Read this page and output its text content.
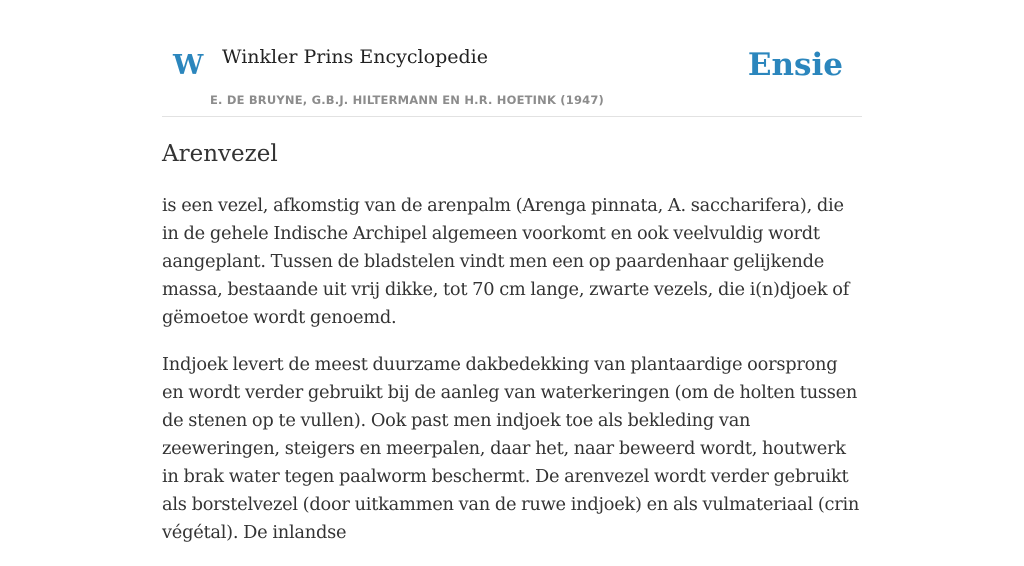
W Winkler Prins Encyclopedie
E. DE BRUYNE, G.B.J. HILTERMANN EN H.R. HOETINK (1947)
Ensie
Arenvezel

is een vezel, afkomstig van de arenpalm (Arenga pinnata, A. saccharifera), die in de gehele Indische Archipel algemeen voorkomt en ook veelvuldig wordt aangeplant. Tussen de bladstelen vindt men een op paardenhaar gelijkende massa, bestaande uit vrij dikke, tot 70 cm lange, zwarte vezels, die i(n)djoek of gëmoetoe wordt genoemd.

Indjoek levert de meest duurzame dakbedekking van plantaardige oorsprong en wordt verder gebruikt bij de aanleg van waterkeringen (om de holten tussen de stenen op te vullen). Ook past men indjoek toe als bekleding van zeeweringen, steigers en meerpalen, daar het, naar beweerd wordt, houtwerk in brak water tegen paalworm beschermt. De arenvezel wordt verder gebruikt als borstelvezel (door uitkammen van de ruwe indjoek) en als vulmateriaal (crin végétal). De inlandse
